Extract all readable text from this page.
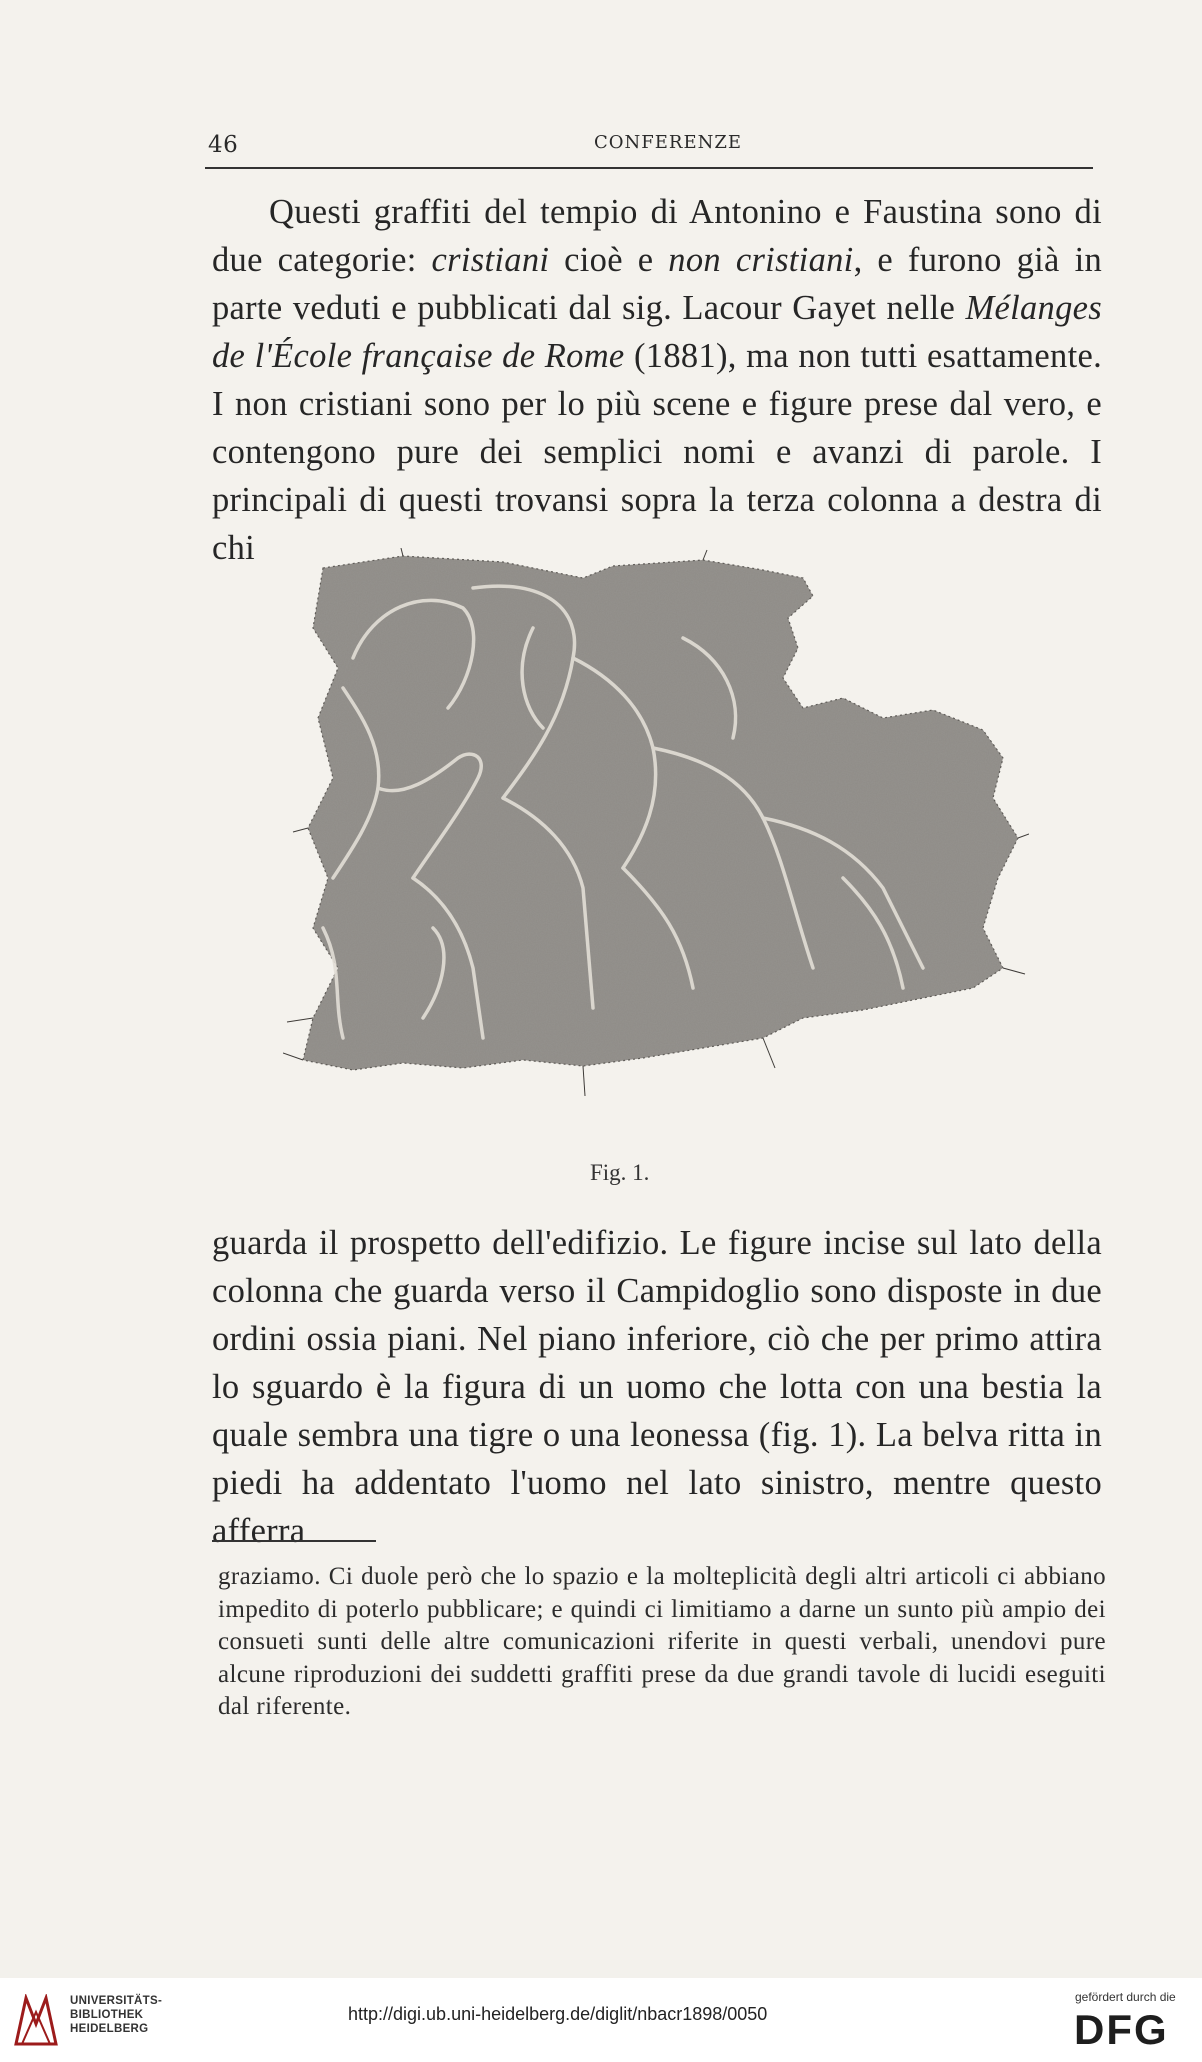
46	CONFERENZE
Questi graffiti del tempio di Antonino e Faustina sono di due categorie: cristiani cioè e non cristiani, e furono già in parte veduti e pubblicati dal sig. Lacour Gayet nelle Mélanges de l'École française de Rome (1881), ma non tutti esattamente. I non cristiani sono per lo più scene e figure prese dal vero, e contengono pure dei semplici nomi e avanzi di parole. I principali di questi trovansi sopra la terza colonna a destra di chi
Fig. 1.
guarda il prospetto dell'edifizio. Le figure incise sul lato della colonna che guarda verso il Campidoglio sono disposte in due ordini ossia piani. Nel piano inferiore, ciò che per primo attira lo sguardo è la figura di un uomo che lotta con una bestia la quale sembra una tigre o una leonessa (fig. 1). La belva ritta in piedi ha addentato l'uomo nel lato sinistro, mentre questo afferra
graziamo. Ci duole però che lo spazio e la molteplicità degli altri articoli ci abbiano impedito di poterlo pubblicare; e quindi ci limitiamo a darne un sunto più ampio dei consueti sunti delle altre comunicazioni riferite in questi verbali, unendovi pure alcune riproduzioni dei suddetti graffiti prese da due grandi tavole di lucidi eseguiti dal riferente.
UNIVERSITÄTS-
BIBLIOTHEK
HEIDELBERG
http://digi.ub.uni-heidelberg.de/diglit/nbacr1898/0050
gefördert durch die
DFG
